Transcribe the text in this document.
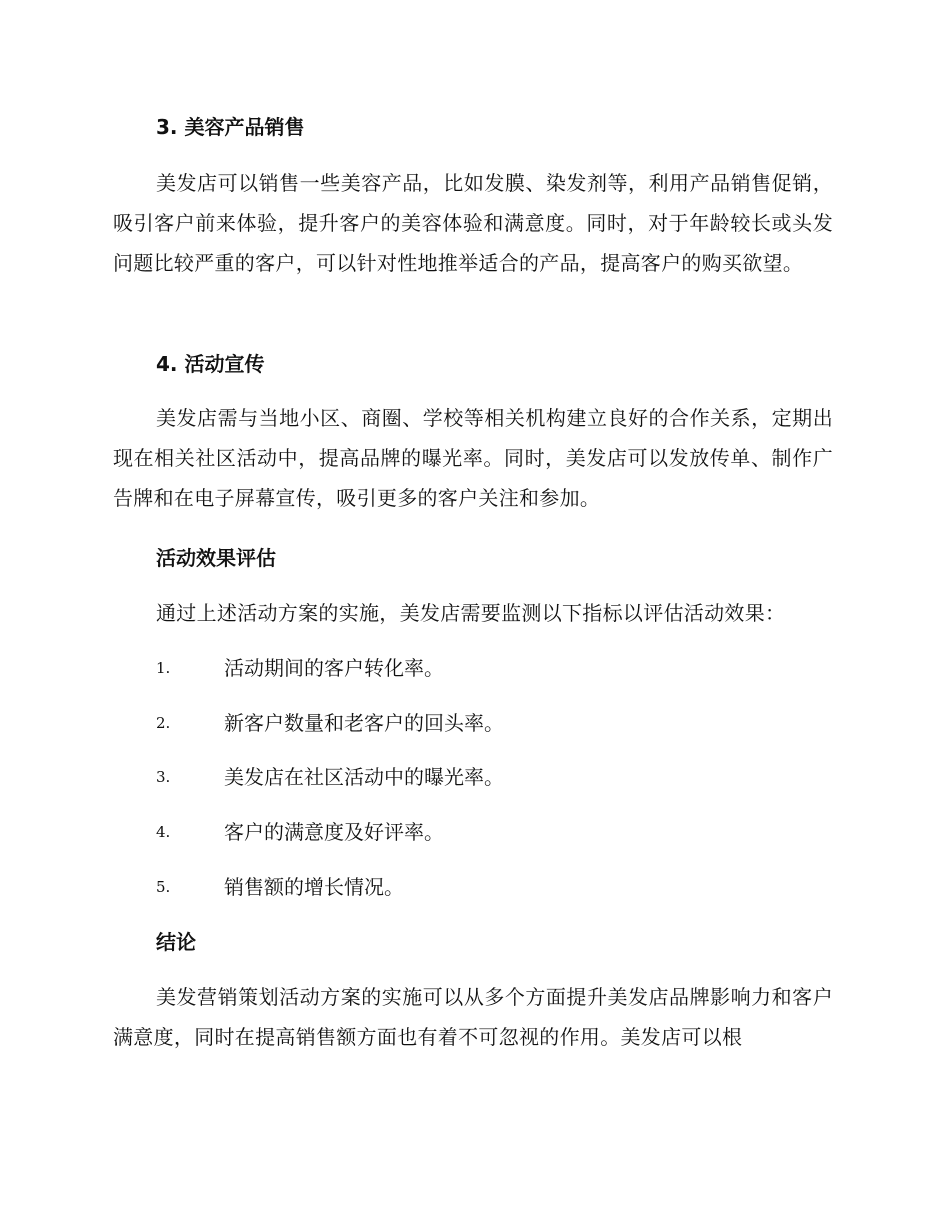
3. 美容产品销售
美发店可以销售一些美容产品，比如发膜、染发剂等，利用产品销售促销，吸引客户前来体验，提升客户的美容体验和满意度。同时，对于年龄较长或头发问题比较严重的客户，可以针对性地推举适合的产品，提高客户的购买欲望。
4. 活动宣传
美发店需与当地小区、商圈、学校等相关机构建立良好的合作关系，定期出现在相关社区活动中，提高品牌的曝光率。同时，美发店可以发放传单、制作广告牌和在电子屏幕宣传，吸引更多的客户关注和参加。
活动效果评估
通过上述活动方案的实施，美发店需要监测以下指标以评估活动效果：
1.	活动期间的客户转化率。
2.	新客户数量和老客户的回头率。
3.	美发店在社区活动中的曝光率。
4.	客户的满意度及好评率。
5.	销售额的增长情况。
结论
美发营销策划活动方案的实施可以从多个方面提升美发店品牌影响力和客户满意度，同时在提高销售额方面也有着不可忽视的作用。美发店可以根
